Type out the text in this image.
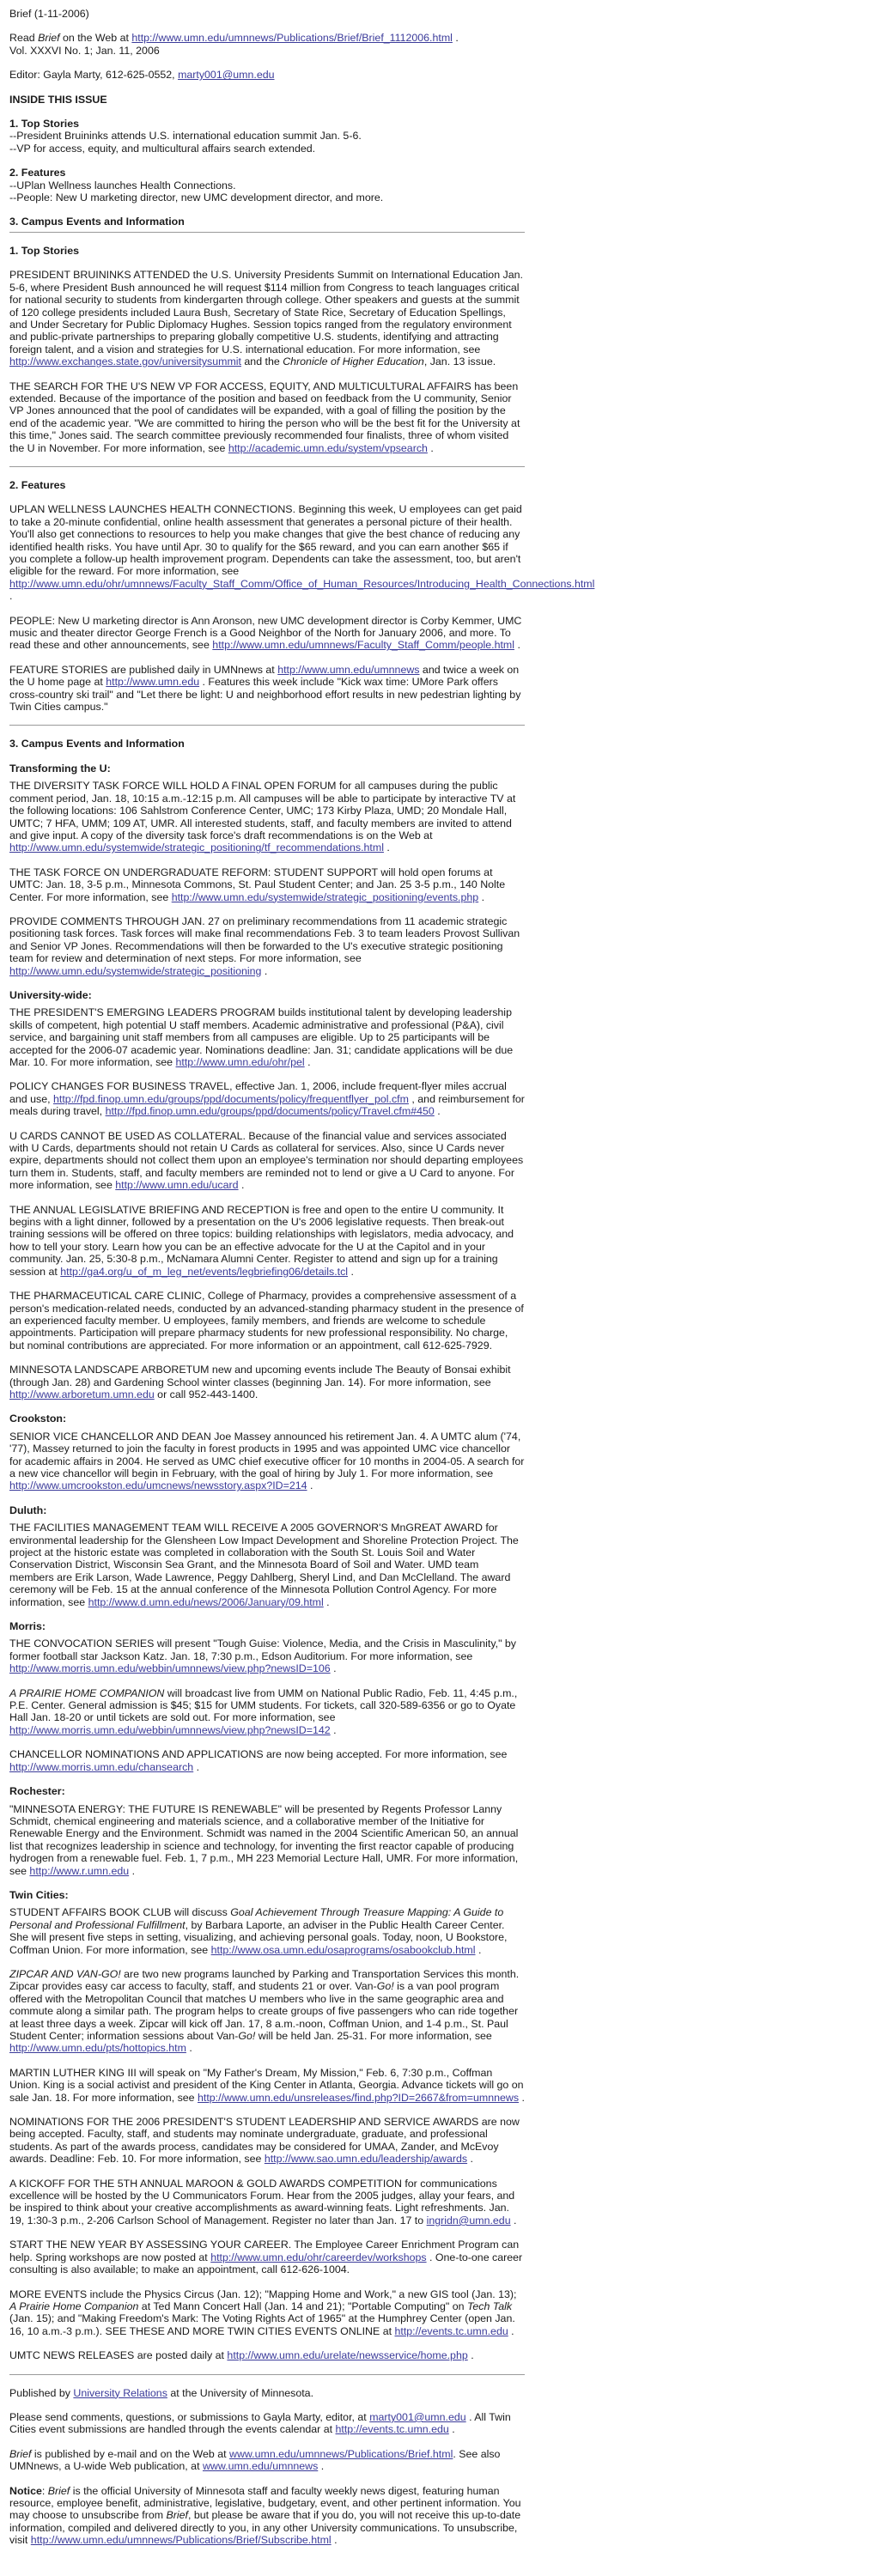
Brief (1-11-2006)

Read Brief on the Web at http://www.umn.edu/umnnews/Publications/Brief/Brief_1112006.html .
Vol. XXXVI No. 1; Jan. 11, 2006

Editor: Gayla Marty, 612-625-0552, marty001@umn.edu

INSIDE THIS ISSUE
1. Top Stories
--President Bruininks attends U.S. international education summit Jan. 5-6.
--VP for access, equity, and multicultural affairs search extended.
2. Features
--UPlan Wellness launches Health Connections.
--People: New U marketing director, new UMC development director, and more.
3. Campus Events and Information
1. Top Stories

PRESIDENT BRUININKS ATTENDED the U.S. University Presidents Summit on International Education Jan. 5-6, where President Bush announced he will request $114 million from Congress to teach languages critical for national security to students from kindergarten through college. Other speakers and guests at the summit of 120 college presidents included Laura Bush, Secretary of State Rice, Secretary of Education Spellings, and Under Secretary for Public Diplomacy Hughes. Session topics ranged from the regulatory environment and public-private partnerships to preparing globally competitive U.S. students, identifying and attracting foreign talent, and a vision and strategies for U.S. international education. For more information, see http://www.exchanges.state.gov/universitysummit and the Chronicle of Higher Education, Jan. 13 issue.

THE SEARCH FOR THE U'S NEW VP FOR ACCESS, EQUITY, AND MULTICULTURAL AFFAIRS has been extended. Because of the importance of the position and based on feedback from the U community, Senior VP Jones announced that the pool of candidates will be expanded, with a goal of filling the position by the end of the academic year. "We are committed to hiring the person who will be the best fit for the University at this time," Jones said. The search committee previously recommended four finalists, three of whom visited the U in November. For more information, see http://academic.umn.edu/system/vpsearch .

2. Features

UPLAN WELLNESS LAUNCHES HEALTH CONNECTIONS. Beginning this week, U employees can get paid to take a 20-minute confidential, online health assessment that generates a personal picture of their health. You'll also get connections to resources to help you make changes that give the best chance of reducing any identified health risks. You have until Apr. 30 to qualify for the $65 reward, and you can earn another $65 if you complete a follow-up health improvement program. Dependents can take the assessment, too, but aren't eligible for the reward. For more information, see http://www.umn.edu/ohr/umnnews/Faculty_Staff_Comm/Office_of_Human_Resources/Introducing_Health_Connections.html .

PEOPLE: New U marketing director is Ann Aronson, new UMC development director is Corby Kemmer, UMC music and theater director George French is a Good Neighbor of the North for January 2006, and more. To read these and other announcements, see http://www.umn.edu/umnnews/Faculty_Staff_Comm/people.html .

FEATURE STORIES are published daily in UMNnews at http://www.umn.edu/umnnews and twice a week on the U home page at http://www.umn.edu . Features this week include "Kick wax time: UMore Park offers cross-country ski trail" and "Let there be light: U and neighborhood effort results in new pedestrian lighting by Twin Cities campus."

3. Campus Events and Information
Transforming the U:

THE DIVERSITY TASK FORCE WILL HOLD A FINAL OPEN FORUM for all campuses during the public comment period, Jan. 18, 10:15 a.m.-12:15 p.m. All campuses will be able to participate by interactive TV at the following locations: 106 Sahlstrom Conference Center, UMC; 173 Kirby Plaza, UMD; 20 Mondale Hall, UMTC; 7 HFA, UMM; 109 AT, UMR. All interested students, staff, and faculty members are invited to attend and give input. A copy of the diversity task force's draft recommendations is on the Web at http://www.umn.edu/systemwide/strategic_positioning/tf_recommendations.html .

THE TASK FORCE ON UNDERGRADUATE REFORM: STUDENT SUPPORT will hold open forums at UMTC: Jan. 18, 3-5 p.m., Minnesota Commons, St. Paul Student Center; and Jan. 25 3-5 p.m., 140 Nolte Center. For more information, see http://www.umn.edu/systemwide/strategic_positioning/events.php .

PROVIDE COMMENTS THROUGH JAN. 27 on preliminary recommendations from 11 academic strategic positioning task forces. Task forces will make final recommendations Feb. 3 to team leaders Provost Sullivan and Senior VP Jones. Recommendations will then be forwarded to the U's executive strategic positioning team for review and determination of next steps. For more information, see http://www.umn.edu/systemwide/strategic_positioning .

University-wide:

THE PRESIDENT'S EMERGING LEADERS PROGRAM builds institutional talent by developing leadership skills of competent, high potential U staff members. Academic administrative and professional (P&A), civil service, and bargaining unit staff members from all campuses are eligible. Up to 25 participants will be accepted for the 2006-07 academic year. Nominations deadline: Jan. 31; candidate applications will be due Mar. 10. For more information, see http://www.umn.edu/ohr/pel .

POLICY CHANGES FOR BUSINESS TRAVEL, effective Jan. 1, 2006, include frequent-flyer miles accrual and use, http://fpd.finop.umn.edu/groups/ppd/documents/policy/frequentflyer_pol.cfm , and reimbursement for meals during travel, http://fpd.finop.umn.edu/groups/ppd/documents/policy/Travel.cfm#450 .

U CARDS CANNOT BE USED AS COLLATERAL. Because of the financial value and services associated with U Cards, departments should not retain U Cards as collateral for services. Also, since U Cards never expire, departments should not collect them upon an employee's termination nor should departing employees turn them in. Students, staff, and faculty members are reminded not to lend or give a U Card to anyone. For more information, see http://www.umn.edu/ucard .

THE ANNUAL LEGISLATIVE BRIEFING AND RECEPTION is free and open to the entire U community. It begins with a light dinner, followed by a presentation on the U's 2006 legislative requests. Then break-out training sessions will be offered on three topics: building relationships with legislators, media advocacy, and how to tell your story. Learn how you can be an effective advocate for the U at the Capitol and in your community. Jan. 25, 5:30-8 p.m., McNamara Alumni Center. Register to attend and sign up for a training session at http://ga4.org/u_of_m_leg_net/events/legbriefing06/details.tcl .

THE PHARMACEUTICAL CARE CLINIC, College of Pharmacy, provides a comprehensive assessment of a person's medication-related needs, conducted by an advanced-standing pharmacy student in the presence of an experienced faculty member. U employees, family members, and friends are welcome to schedule appointments. Participation will prepare pharmacy students for new professional responsibility. No charge, but nominal contributions are appreciated. For more information or an appointment, call 612-625-7929.

MINNESOTA LANDSCAPE ARBORETUM new and upcoming events include The Beauty of Bonsai exhibit (through Jan. 28) and Gardening School winter classes (beginning Jan. 14). For more information, see http://www.arboretum.umn.edu or call 952-443-1400.

Crookston:

SENIOR VICE CHANCELLOR AND DEAN Joe Massey announced his retirement Jan. 4. A UMTC alum ('74, '77), Massey returned to join the faculty in forest products in 1995 and was appointed UMC vice chancellor for academic affairs in 2004. He served as UMC chief executive officer for 10 months in 2004-05. A search for a new vice chancellor will begin in February, with the goal of hiring by July 1. For more information, see http://www.umcrookston.edu/umcnews/newsstory.aspx?ID=214 .

Duluth:

THE FACILITIES MANAGEMENT TEAM WILL RECEIVE A 2005 GOVERNOR'S MnGREAT AWARD for environmental leadership for the Glensheen Low Impact Development and Shoreline Protection Project. The project at the historic estate was completed in collaboration with the South St. Louis Soil and Water Conservation District, Wisconsin Sea Grant, and the Minnesota Board of Soil and Water. UMD team members are Erik Larson, Wade Lawrence, Peggy Dahlberg, Sheryl Lind, and Dan McClelland. The award ceremony will be Feb. 15 at the annual conference of the Minnesota Pollution Control Agency. For more information, see http://www.d.umn.edu/news/2006/January/09.html .

Morris:

THE CONVOCATION SERIES will present "Tough Guise: Violence, Media, and the Crisis in Masculinity," by former football star Jackson Katz. Jan. 18, 7:30 p.m., Edson Auditorium. For more information, see http://www.morris.umn.edu/webbin/umnnews/view.php?newsID=106 .

A PRAIRIE HOME COMPANION will broadcast live from UMM on National Public Radio, Feb. 11, 4:45 p.m., P.E. Center. General admission is $45; $15 for UMM students. For tickets, call 320-589-6356 or go to Oyate Hall Jan. 18-20 or until tickets are sold out. For more information, see http://www.morris.umn.edu/webbin/umnnews/view.php?newsID=142 .

CHANCELLOR NOMINATIONS AND APPLICATIONS are now being accepted. For more information, see http://www.morris.umn.edu/chansearch .

Rochester:

"MINNESOTA ENERGY: THE FUTURE IS RENEWABLE" will be presented by Regents Professor Lanny Schmidt, chemical engineering and materials science, and a collaborative member of the Initiative for Renewable Energy and the Environment. Schmidt was named in the 2004 Scientific American 50, an annual list that recognizes leadership in science and technology, for inventing the first reactor capable of producing hydrogen from a renewable fuel. Feb. 1, 7 p.m., MH 223 Memorial Lecture Hall, UMR. For more information, see http://www.r.umn.edu .

Twin Cities:

STUDENT AFFAIRS BOOK CLUB will discuss Goal Achievement Through Treasure Mapping: A Guide to Personal and Professional Fulfillment, by Barbara Laporte, an adviser in the Public Health Career Center. She will present five steps in setting, visualizing, and achieving personal goals. Today, noon, U Bookstore, Coffman Union. For more information, see http://www.osa.umn.edu/osaprograms/osabookclub.html .

ZIPCAR AND VAN-GO! are two new programs launched by Parking and Transportation Services this month. Zipcar provides easy car access to faculty, staff, and students 21 or over. Van-Go! is a van pool program offered with the Metropolitan Council that matches U members who live in the same geographic area and commute along a similar path. The program helps to create groups of five passengers who can ride together at least three days a week. Zipcar will kick off Jan. 17, 8 a.m.-noon, Coffman Union, and 1-4 p.m., St. Paul Student Center; information sessions about Van-Go! will be held Jan. 25-31. For more information, see http://www.umn.edu/pts/hottopics.htm .

MARTIN LUTHER KING III will speak on "My Father's Dream, My Mission," Feb. 6, 7:30 p.m., Coffman Union. King is a social activist and president of the King Center in Atlanta, Georgia. Advance tickets will go on sale Jan. 18. For more information, see http://www.umn.edu/unsreleases/find.php?ID=2667&from=umnnews .

NOMINATIONS FOR THE 2006 PRESIDENT'S STUDENT LEADERSHIP AND SERVICE AWARDS are now being accepted. Faculty, staff, and students may nominate undergraduate, graduate, and professional students. As part of the awards process, candidates may be considered for UMAA, Zander, and McEvoy awards. Deadline: Feb. 10. For more information, see http://www.sao.umn.edu/leadership/awards .

A KICKOFF FOR THE 5TH ANNUAL MAROON & GOLD AWARDS COMPETITION for communications excellence will be hosted by the U Communicators Forum. Hear from the 2005 judges, allay your fears, and be inspired to think about your creative accomplishments as award-winning feats. Light refreshments. Jan. 19, 1:30-3 p.m., 2-206 Carlson School of Management. Register no later than Jan. 17 to ingridn@umn.edu .

START THE NEW YEAR BY ASSESSING YOUR CAREER. The Employee Career Enrichment Program can help. Spring workshops are now posted at http://www.umn.edu/ohr/careerdev/workshops . One-to-one career consulting is also available; to make an appointment, call 612-626-1004.

MORE EVENTS include the Physics Circus (Jan. 12); "Mapping Home and Work," a new GIS tool (Jan. 13); A Prairie Home Companion at Ted Mann Concert Hall (Jan. 14 and 21); "Portable Computing" on Tech Talk (Jan. 15); and "Making Freedom's Mark: The Voting Rights Act of 1965" at the Humphrey Center (open Jan. 16, 10 a.m.-3 p.m.). SEE THESE AND MORE TWIN CITIES EVENTS ONLINE at http://events.tc.umn.edu .

UMTC NEWS RELEASES are posted daily at http://www.umn.edu/urelate/newsservice/home.php .

Published by University Relations at the University of Minnesota.

Please send comments, questions, or submissions to Gayla Marty, editor, at marty001@umn.edu . All Twin Cities event submissions are handled through the events calendar at http://events.tc.umn.edu .

Brief is published by e-mail and on the Web at www.umn.edu/umnnews/Publications/Brief.html. See also UMNnews, a U-wide Web publication, at www.umn.edu/umnnews .

Notice: Brief is the official University of Minnesota staff and faculty weekly news digest, featuring human resource, employee benefit, administrative, legislative, budgetary, event, and other pertinent information. You may choose to unsubscribe from Brief, but please be aware that if you do, you will not receive this up-to-date information, compiled and delivered directly to you, in any other University communications. To unsubscribe, visit http://www.umn.edu/umnnews/Publications/Brief/Subscribe.html .
